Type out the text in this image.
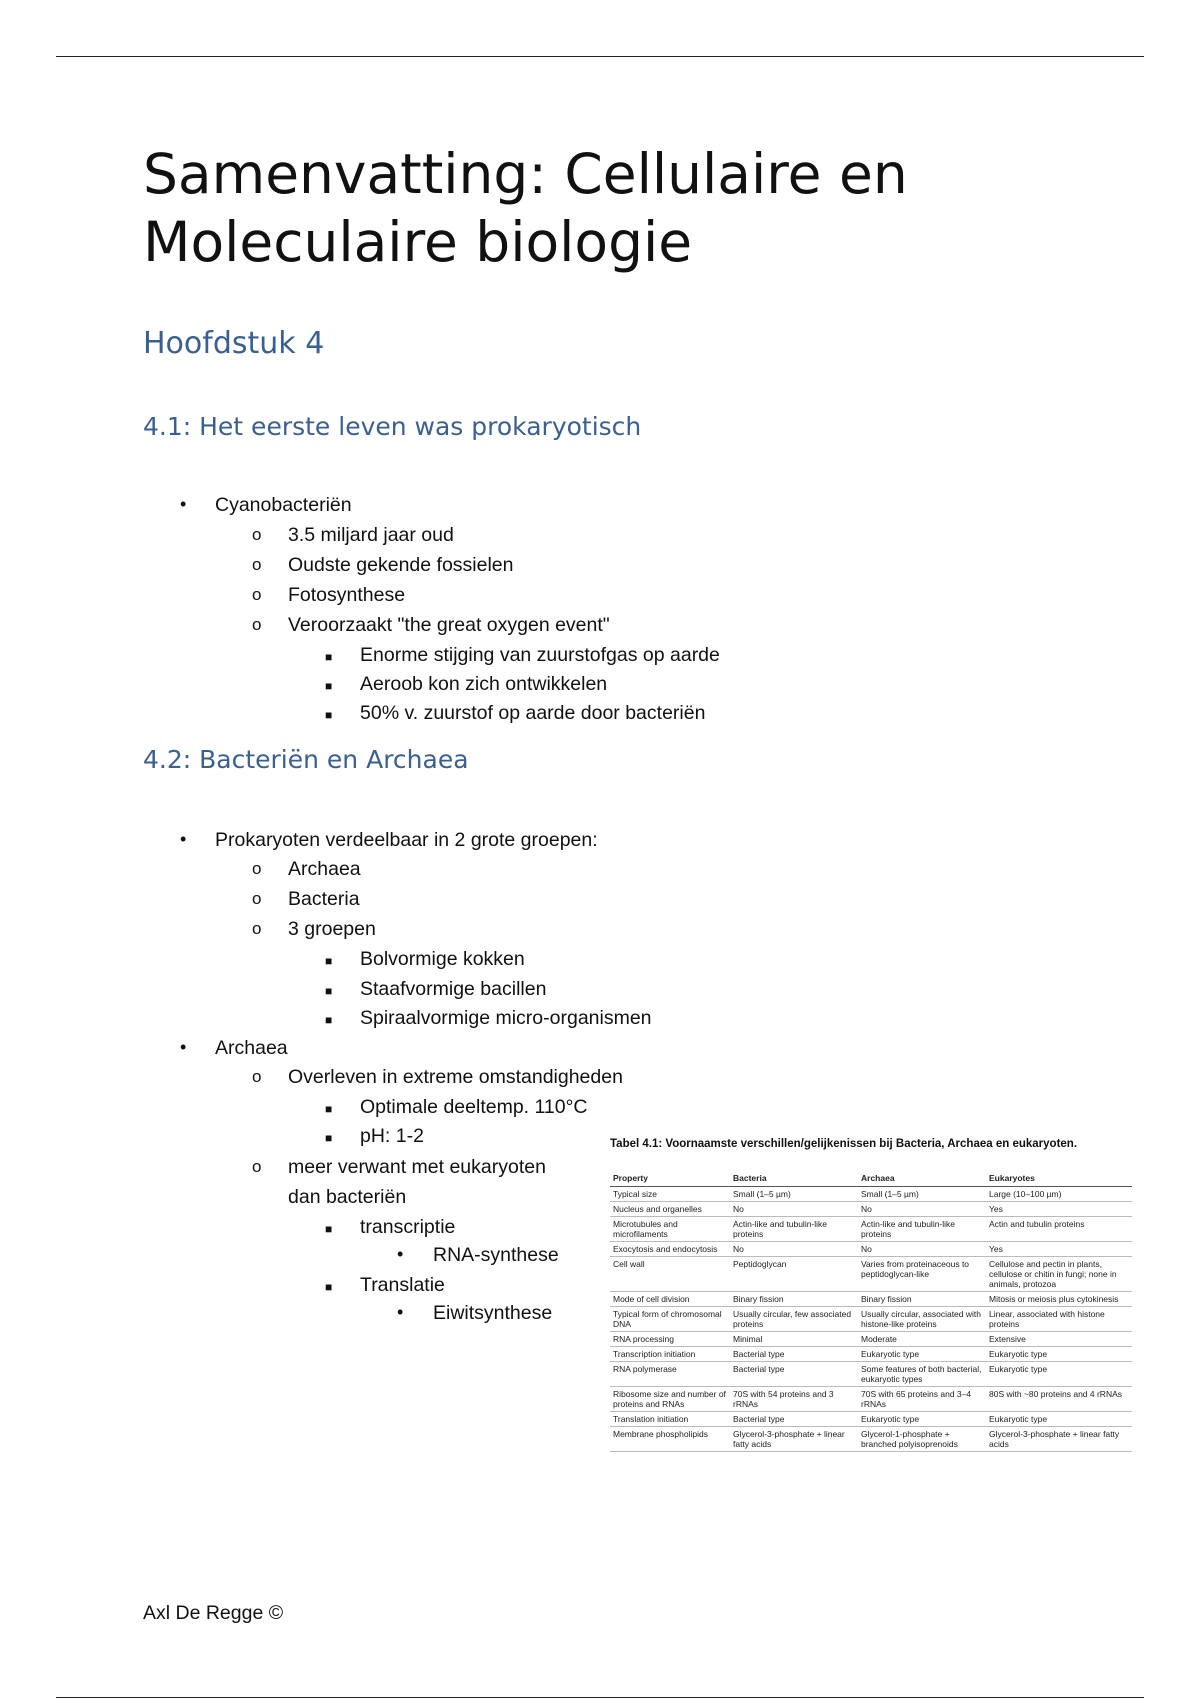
Samenvatting: Cellulaire en Moleculaire biologie
Hoofdstuk 4
4.1: Het eerste leven was prokaryotisch
• Cyanobacteriën
o 3.5 miljard jaar oud
o Oudste gekende fossielen
o Fotosynthese
o Veroorzaakt "the great oxygen event"
■ Enorme stijging van zuurstofgas op aarde
■ Aeroob kon zich ontwikkelen
■ 50% v. zuurstof op aarde door bacteriën
4.2: Bacteriën en Archaea
• Prokaryoten verdeelbaar in 2 grote groepen:
o Archaea
o Bacteria
o 3 groepen
■ Bolvormige kokken
■ Staafvormige bacillen
■ Spiraalvormige micro-organismen
• Archaea
o Overleven in extreme omstandigheden
■ Optimale deeltemp. 110°C
■ pH: 1-2
o meer verwant met eukaryoten
dan bacteriën
■ transcriptie
• RNA-synthese
■ Translatie
• Eiwitsynthese
Tabel 4.1: Voornaamste verschillen/gelijkenissen bij Bacteria, Archaea en eukaryoten.
Property	Bacteria	Archaea	Eukaryotes
Typical size	Small (1–5 µm)	Small (1–5 µm)	Large (10–100 µm)
Nucleus and organelles	No	No	Yes
Microtubules and microfilaments	Actin-like and tubulin-like proteins	Actin-like and tubulin-like proteins	Actin and tubulin proteins
Exocytosis and endocytosis	No	No	Yes
Cell wall	Peptidoglycan	Varies from proteinaceous to peptidoglycan-like	Cellulose and pectin in plants, cellulose or chitin in fungi; none in animals, protozoa
Mode of cell division	Binary fission	Binary fission	Mitosis or meiosis plus cytokinesis
Typical form of chromosomal DNA	Usually circular, few associated proteins	Usually circular, associated with histone-like proteins	Linear, associated with histone proteins
RNA processing	Minimal	Moderate	Extensive
Transcription initiation	Bacterial type	Eukaryotic type	Eukaryotic type
RNA polymerase	Bacterial type	Some features of both bacterial, eukaryotic types	Eukaryotic type
Ribosome size and number of proteins and RNAs	70S with 54 proteins and 3 rRNAs	70S with 65 proteins and 3–4 rRNAs	80S with ~80 proteins and 4 rRNAs
Translation initiation	Bacterial type	Eukaryotic type	Eukaryotic type
Membrane phospholipids	Glycerol-3-phosphate + linear fatty acids	Glycerol-1-phosphate + branched polyisoprenoids	Glycerol-3-phosphate + linear fatty acids
Axl De Regge ©
